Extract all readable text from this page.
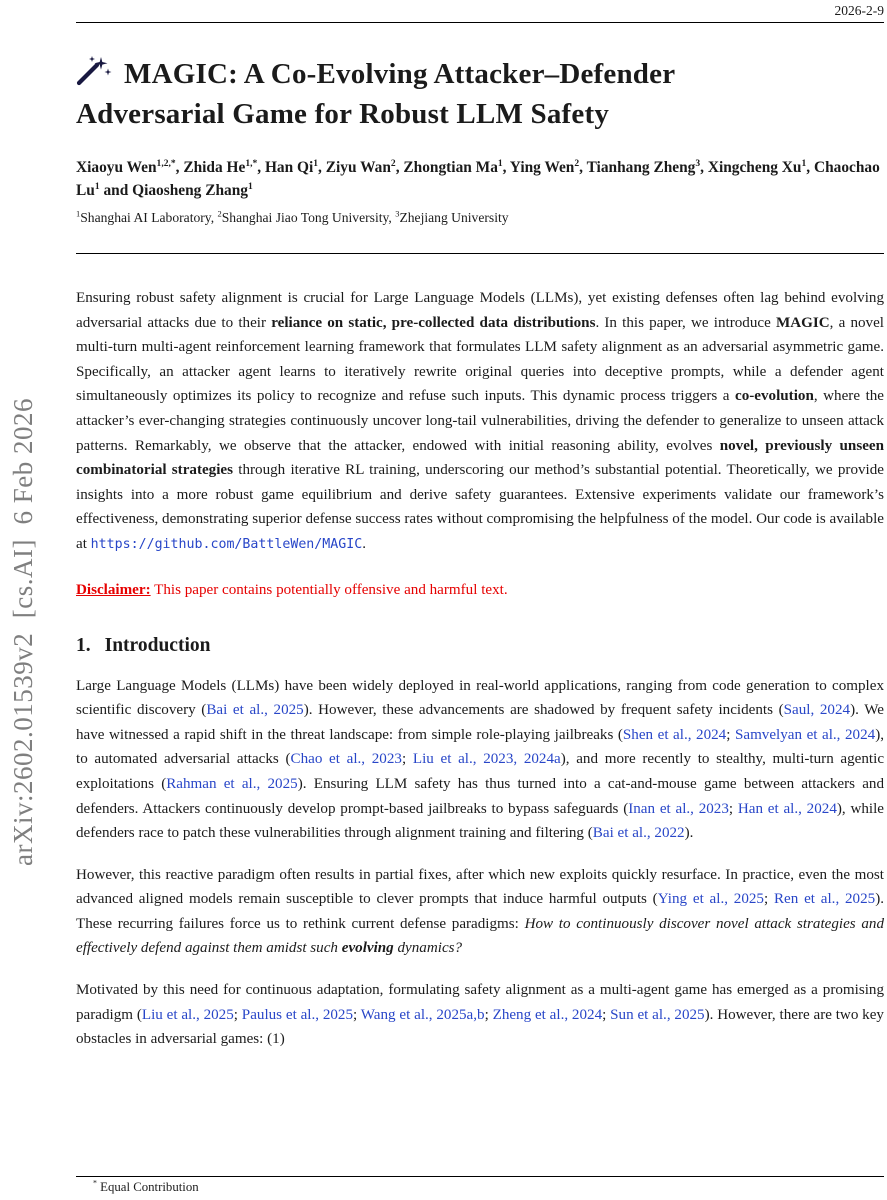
arXiv:2602.01539v2  [cs.AI]  6 Feb 2026
2026-2-9
MAGIC: A Co-Evolving Attacker–Defender
Adversarial Game for Robust LLM Safety
Xiaoyu Wen$^{1,2,*}$, Zhida $He^{1,*}$, Han Qi$^1$, Ziyu Wan$^2$, Zhongtian Ma$^1$, Ying Wen$^2$, Tianhang Zheng$^3$, Xingcheng Xu$^1$, Chaochao Lu$^1$ and Qiaosheng Zhang$^1$
$^1$Shanghai AI Laboratory, $^2$Shanghai Jiao Tong University, $^3$Zhejiang University

Ensuring robust safety alignment is crucial for Large Language Models (LLMs), yet existing defenses often lag behind evolving adversarial attacks due to their reliance on static, pre-collected data distributions. In this paper, we introduce MAGIC, a novel multi-turn multi-agent reinforcement learning framework that formulates LLM safety alignment as an adversarial asymmetric game. Specifically, an attacker agent learns to iteratively rewrite original queries into deceptive prompts, while a defender agent simultaneously optimizes its policy to recognize and refuse such inputs. This dynamic process triggers a co-evolution, where the attacker’s ever-changing strategies continuously uncover long-tail vulnerabilities, driving the defender to generalize to unseen attack patterns. Remarkably, we observe that the attacker, endowed with initial reasoning ability, evolves novel, previously unseen combinatorial strategies through iterative RL training, underscoring our method’s substantial potential. Theoretically, we provide insights into a more robust game equilibrium and derive safety guarantees. Extensive experiments validate our framework’s effectiveness, demonstrating superior defense success rates without compromising the helpfulness of the model. Our code is available at https://github.com/BattleWen/MAGIC.

Disclaimer: This paper contains potentially offensive and harmful text.

1. Introduction

Large Language Models (LLMs) have been widely deployed in real-world applications, ranging from code generation to complex scientific discovery (Bai et al., 2025). However, these advancements are shadowed by frequent safety incidents (Saul, 2024). We have witnessed a rapid shift in the threat landscape: from simple role-playing jailbreaks (Shen et al., 2024; Samvelyan et al., 2024), to automated adversarial attacks (Chao et al., 2023; Liu et al., 2023, 2024a), and more recently to stealthy, multi-turn agentic exploitations (Rahman et al., 2025). Ensuring LLM safety has thus turned into a cat-and-mouse game between attackers and defenders. Attackers continuously develop prompt-based jailbreaks to bypass safeguards (Inan et al., 2023; Han et al., 2024), while defenders race to patch these vulnerabilities through alignment training and filtering (Bai et al., 2022).

However, this reactive paradigm often results in partial fixes, after which new exploits quickly resurface. In practice, even the most advanced aligned models remain susceptible to clever prompts that induce harmful outputs (Ying et al., 2025; Ren et al., 2025). These recurring failures force us to rethink current defense paradigms: How to continuously discover novel attack strategies and effectively defend against them amidst such evolving dynamics?

Motivated by this need for continuous adaptation, formulating safety alignment as a multi-agent game has emerged as a promising paradigm (Liu et al., 2025; Paulus et al., 2025; Wang et al., 2025a,b; Zheng et al., 2024; Sun et al., 2025). However, there are two key obstacles in adversarial games: (1)

* Equal Contribution
